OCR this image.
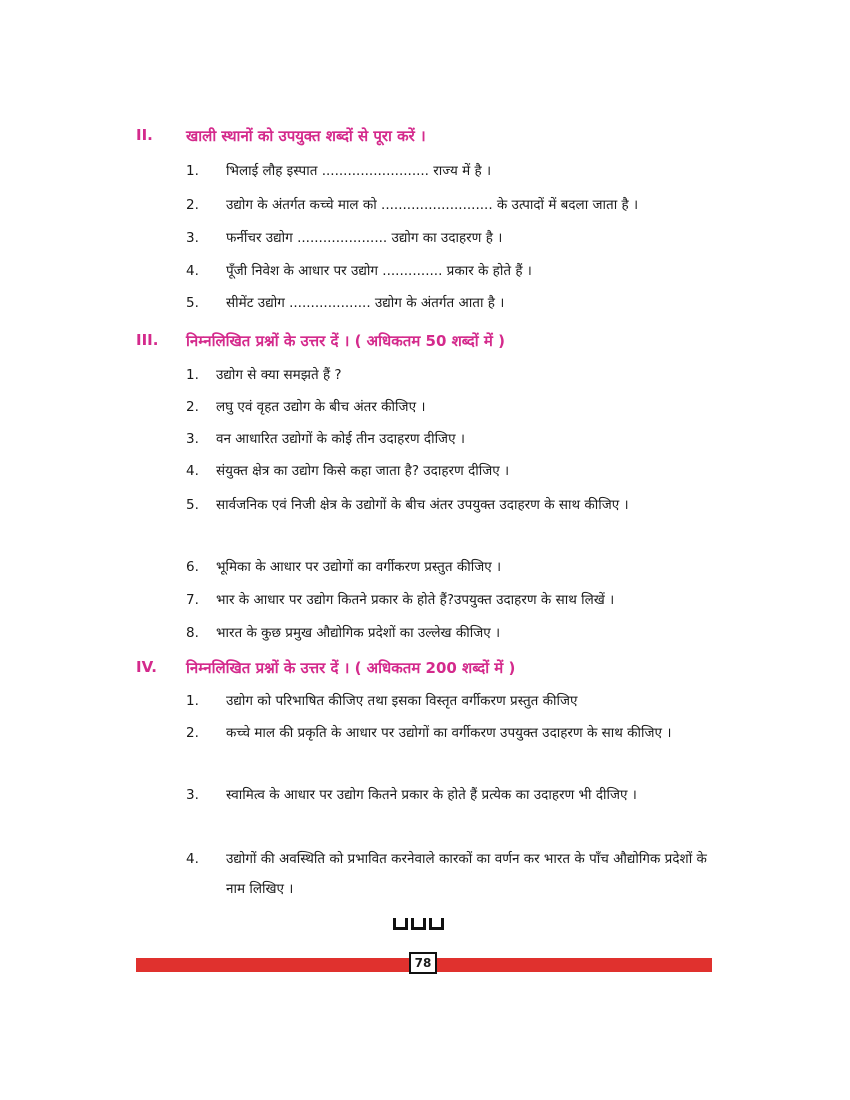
II. खाली स्थानों को उपयुक्त शब्दों से पूरा करें ।
1. भिलाई लौह इस्पात ......................... राज्य में है ।
2. उद्योग के अंतर्गत कच्चे माल को .......................... के उत्पादों में बदला जाता है ।
3. फर्नीचर उद्योग ..................... उद्योग का उदाहरण है ।
4. पूँजी निवेश के आधार पर उद्योग .............. प्रकार के होते हैं ।
5. सीमेंट उद्योग ................... उद्योग के अंतर्गत आता है ।
III. निम्नलिखित प्रश्नों के उत्तर दें । ( अधिकतम 50 शब्दों में )
1. उद्योग से क्या समझते हैं ?
2. लघु एवं वृहत उद्योग के बीच अंतर कीजिए ।
3. वन आधारित उद्योगों के कोई तीन उदाहरण दीजिए ।
4. संयुक्त क्षेत्र का उद्योग किसे कहा जाता है? उदाहरण दीजिए ।
5. सार्वजनिक एवं निजी क्षेत्र के उद्योगों के बीच अंतर उपयुक्त उदाहरण के साथ कीजिए ।
6. भूमिका के आधार पर उद्योगों का वर्गीकरण प्रस्तुत कीजिए ।
7. भार के आधार पर उद्योग कितने प्रकार के होते हैं?उपयुक्त उदाहरण के साथ लिखें ।
8. भारत के कुछ प्रमुख औद्योगिक प्रदेशों का उल्लेख कीजिए ।
IV. निम्नलिखित प्रश्नों के उत्तर दें । ( अधिकतम 200 शब्दों में )
1. उद्योग को परिभाषित कीजिए तथा इसका विस्तृत वर्गीकरण प्रस्तुत कीजिए
2. कच्चे माल की प्रकृति के आधार पर उद्योगों का वर्गीकरण उपयुक्त उदाहरण के साथ कीजिए ।
3. स्वामित्व के आधार पर उद्योग कितने प्रकार के होते हैं प्रत्येक का उदाहरण भी दीजिए ।
4. उद्योगों की अवस्थिति को प्रभावित करनेवाले कारकों का वर्णन कर भारत के पाँच औद्योगिक प्रदेशों के नाम लिखिए ।
78
